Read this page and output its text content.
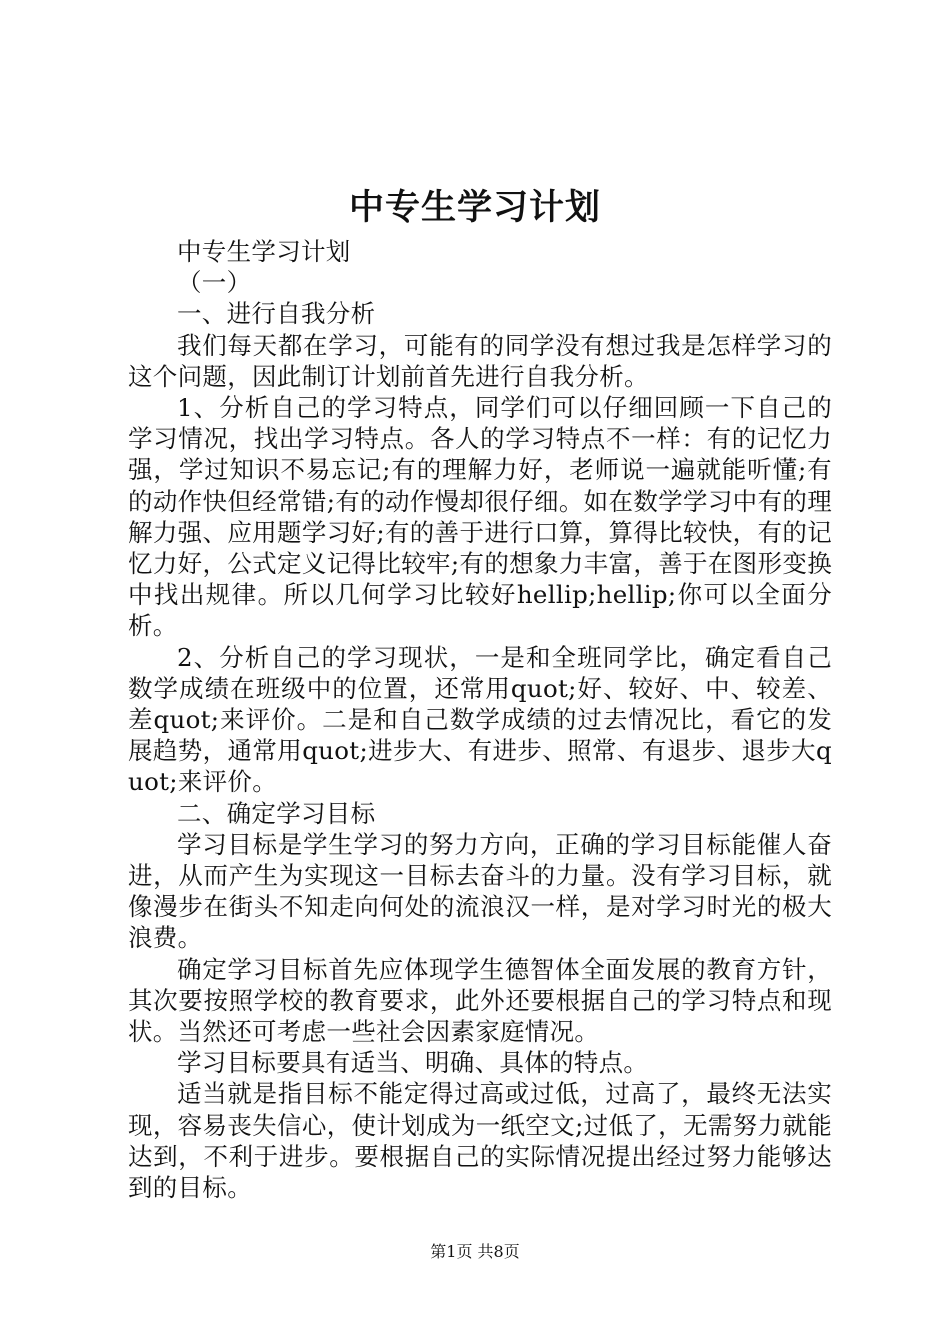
中专生学习计划

中专生学习计划

（一）

一、进行自我分析

我们每天都在学习，可能有的同学没有想过我是怎样学习的这个问题，因此制订计划前首先进行自我分析。

1、分析自己的学习特点，同学们可以仔细回顾一下自己的学习情况，找出学习特点。各人的学习特点不一样：有的记忆力强，学过知识不易忘记;有的理解力好，老师说一遍就能听懂;有的动作快但经常错;有的动作慢却很仔细。如在数学学习中有的理解力强、应用题学习好;有的善于进行口算，算得比较快，有的记忆力好，公式定义记得比较牢;有的想象力丰富，善于在图形变换中找出规律。所以几何学习比较好hellip;hellip;你可以全面分析。

2、分析自己的学习现状，一是和全班同学比，确定看自己数学成绩在班级中的位置，还常用quot;好、较好、中、较差、差quot;来评价。二是和自己数学成绩的过去情况比，看它的发展趋势，通常用quot;进步大、有进步、照常、有退步、退步大quot;来评价。

二、确定学习目标

学习目标是学生学习的努力方向，正确的学习目标能催人奋进，从而产生为实现这一目标去奋斗的力量。没有学习目标，就像漫步在街头不知走向何处的流浪汉一样，是对学习时光的极大浪费。

确定学习目标首先应体现学生德智体全面发展的教育方针，其次要按照学校的教育要求，此外还要根据自己的学习特点和现状。当然还可考虑一些社会因素家庭情况。

学习目标要具有适当、明确、具体的特点。

适当就是指目标不能定得过高或过低，过高了，最终无法实现，容易丧失信心，使计划成为一纸空文;过低了，无需努力就能达到，不利于进步。要根据自己的实际情况提出经过努力能够达到的目标。

第1页 共8页
